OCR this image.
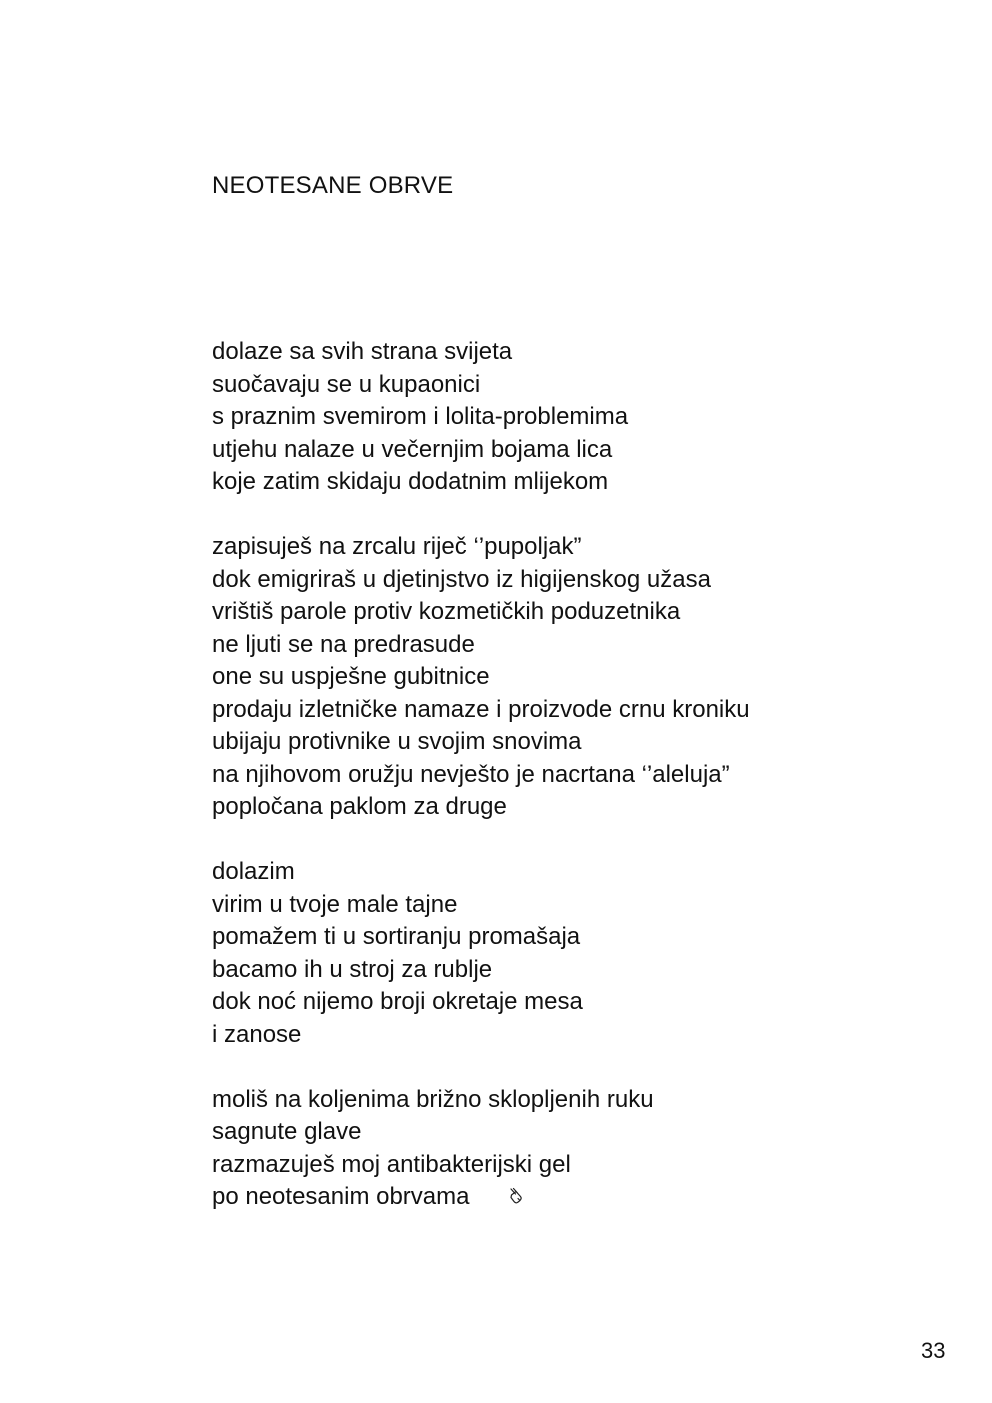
NEOTESANE OBRVE

dolaze sa svih strana svijeta
suočavaju se u kupaonici
s praznim svemirom i lolita-problemima
utjehu nalaze u večernjim bojama lica
koje zatim skidaju dodatnim mlijekom

zapisuješ na zrcalu riječ ‘’pupoljak”
dok emigriraš u djetinjstvo iz higijenskog užasa
vrištiš parole protiv kozmetičkih poduzetnika
ne ljuti se na predrasude
one su uspješne gubitnice
prodaju izletničke namaze i proizvode crnu kroniku
ubijaju protivnike u svojim snovima
na njihovom oružju nevješto je nacrtana ‘’aleluja”
popločana paklom za druge

dolazim
virim u tvoje male tajne
pomažem ti u sortiranju promašaja
bacamo ih u stroj za rublje
dok noć nijemo broji okretaje mesa
i zanose

moliš na koljenima brižno sklopljenih ruku
sagnute glave
razmazuješ moj antibakterijski gel
po neotesanim obrvama

33
